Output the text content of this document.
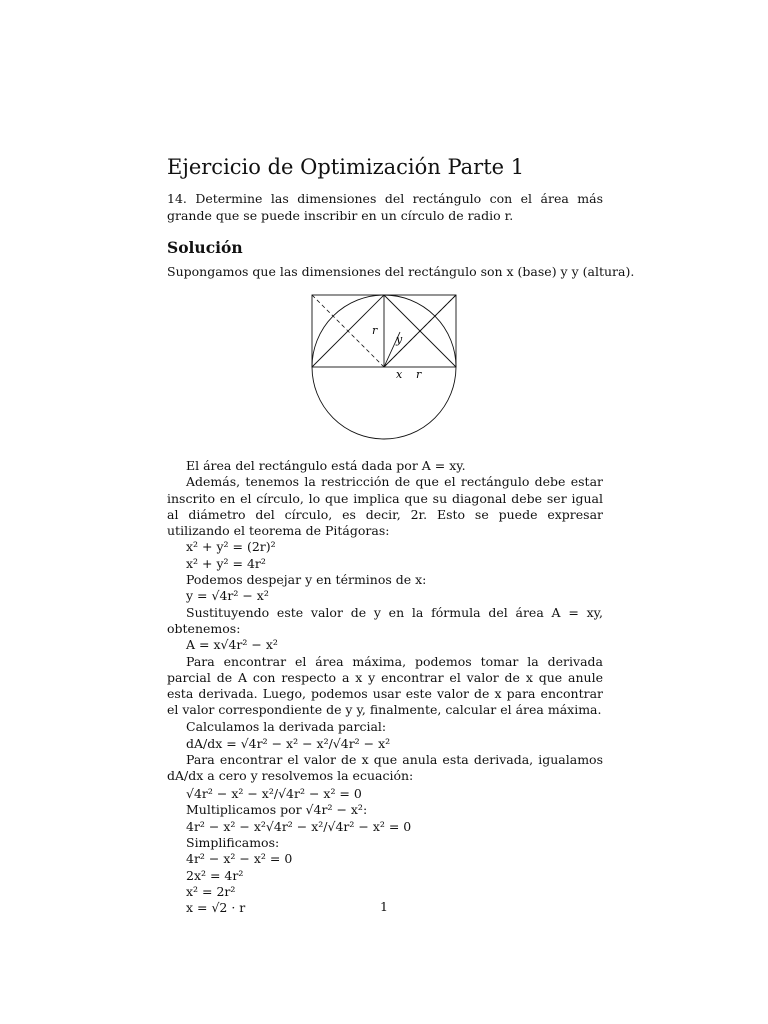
Ejercicio de Optimización Parte 1
14. Determine las dimensiones del rectángulo con el área más grande que se puede inscribir en un círculo de radio r.
Solución
Supongamos que las dimensiones del rectángulo son x (base) y y (altura).
r
y
x r

El área del rectángulo está dada por A = xy.

Además, tenemos la restricción de que el rectángulo debe estar inscrito en el círculo, lo que implica que su diagonal debe ser igual al diámetro del círculo, es decir, 2r. Esto se puede expresar utilizando el teorema de Pitágoras:

x² + y² = (2r)²

x² + y² = 4r²

Podemos despejar y en términos de x:

y = √4r² − x²

Sustituyendo este valor de y en la fórmula del área A = xy, obtenemos:

A = x√4r² − x²

Para encontrar el área máxima, podemos tomar la derivada parcial de A con respecto a x y encontrar el valor de x que anule esta derivada. Luego, podemos usar este valor de x para encontrar el valor correspondiente de y y, finalmente, calcular el área máxima.

Calculamos la derivada parcial:

dA/dx = √4r² − x² − x²/√4r² − x²

Para encontrar el valor de x que anula esta derivada, igualamos dA/dx a cero y resolvemos la ecuación:

√4r² − x² − x²/√4r² − x² = 0

Multiplicamos por √4r² − x²:

4r² − x² − x²√4r² − x²/√4r² − x² = 0

Simplificamos:

4r² − x² − x² = 0

2x² = 4r²

x² = 2r²

x = √2 · r	1
